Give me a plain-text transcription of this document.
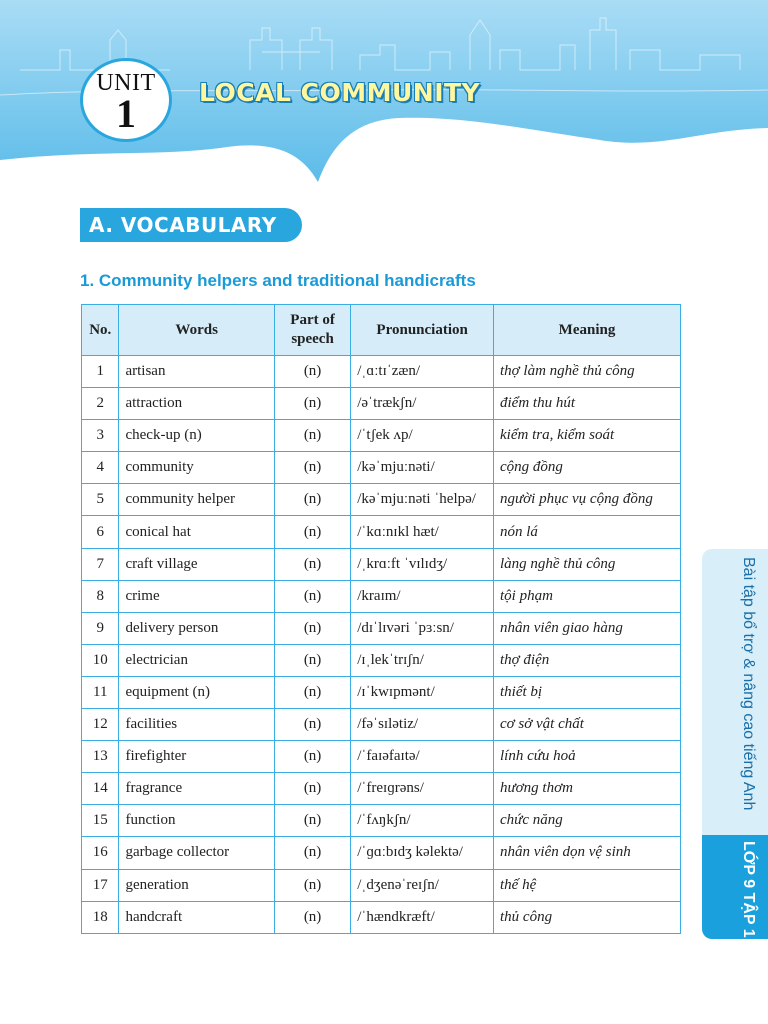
UNIT
1	LOCAL COMMUNITY
A. VOCABULARY
1. Community helpers and traditional handicrafts
No.	Words	Part of speech	Pronunciation	Meaning
1	artisan	(n)	/ˌɑːtɪˈzæn/	thợ làm nghề thủ công
2	attraction	(n)	/əˈtrækʃn/	điểm thu hút
3	check-up (n)	(n)	/ˈtʃek ʌp/	kiểm tra, kiểm soát
4	community	(n)	/kəˈmjuːnəti/	cộng đồng
5	community helper	(n)	/kəˈmjuːnəti ˈhelpə/	người phục vụ cộng đồng
6	conical hat	(n)	/ˈkɑːnɪkl hæt/	nón lá
7	craft village	(n)	/ˌkrɑːft ˈvɪlɪdʒ/	làng nghề thủ công
8	crime	(n)	/kraɪm/	tội phạm
9	delivery person	(n)	/dɪˈlɪvəri ˈpɜːsn/	nhân viên giao hàng
10	electrician	(n)	/ɪˌlekˈtrɪʃn/	thợ điện
11	equipment (n)	(n)	/ɪˈkwɪpmənt/	thiết bị
12	facilities	(n)	/fəˈsɪlətiz/	cơ sở vật chất
13	firefighter	(n)	/ˈfaɪəfaɪtə/	lính cứu hoả
14	fragrance	(n)	/ˈfreɪɡrəns/	hương thơm
15	function	(n)	/ˈfʌŋkʃn/	chức năng
16	garbage collector	(n)	/ˈɡɑːbɪdʒ kəlektə/	nhân viên dọn vệ sinh
17	generation	(n)	/ˌdʒenəˈreɪʃn/	thế hệ
18	handcraft	(n)	/ˈhændkræft/	thủ công
Bài tập bổ trợ & nâng cao tiếng Anh
LỚP 9 TẬP 1
